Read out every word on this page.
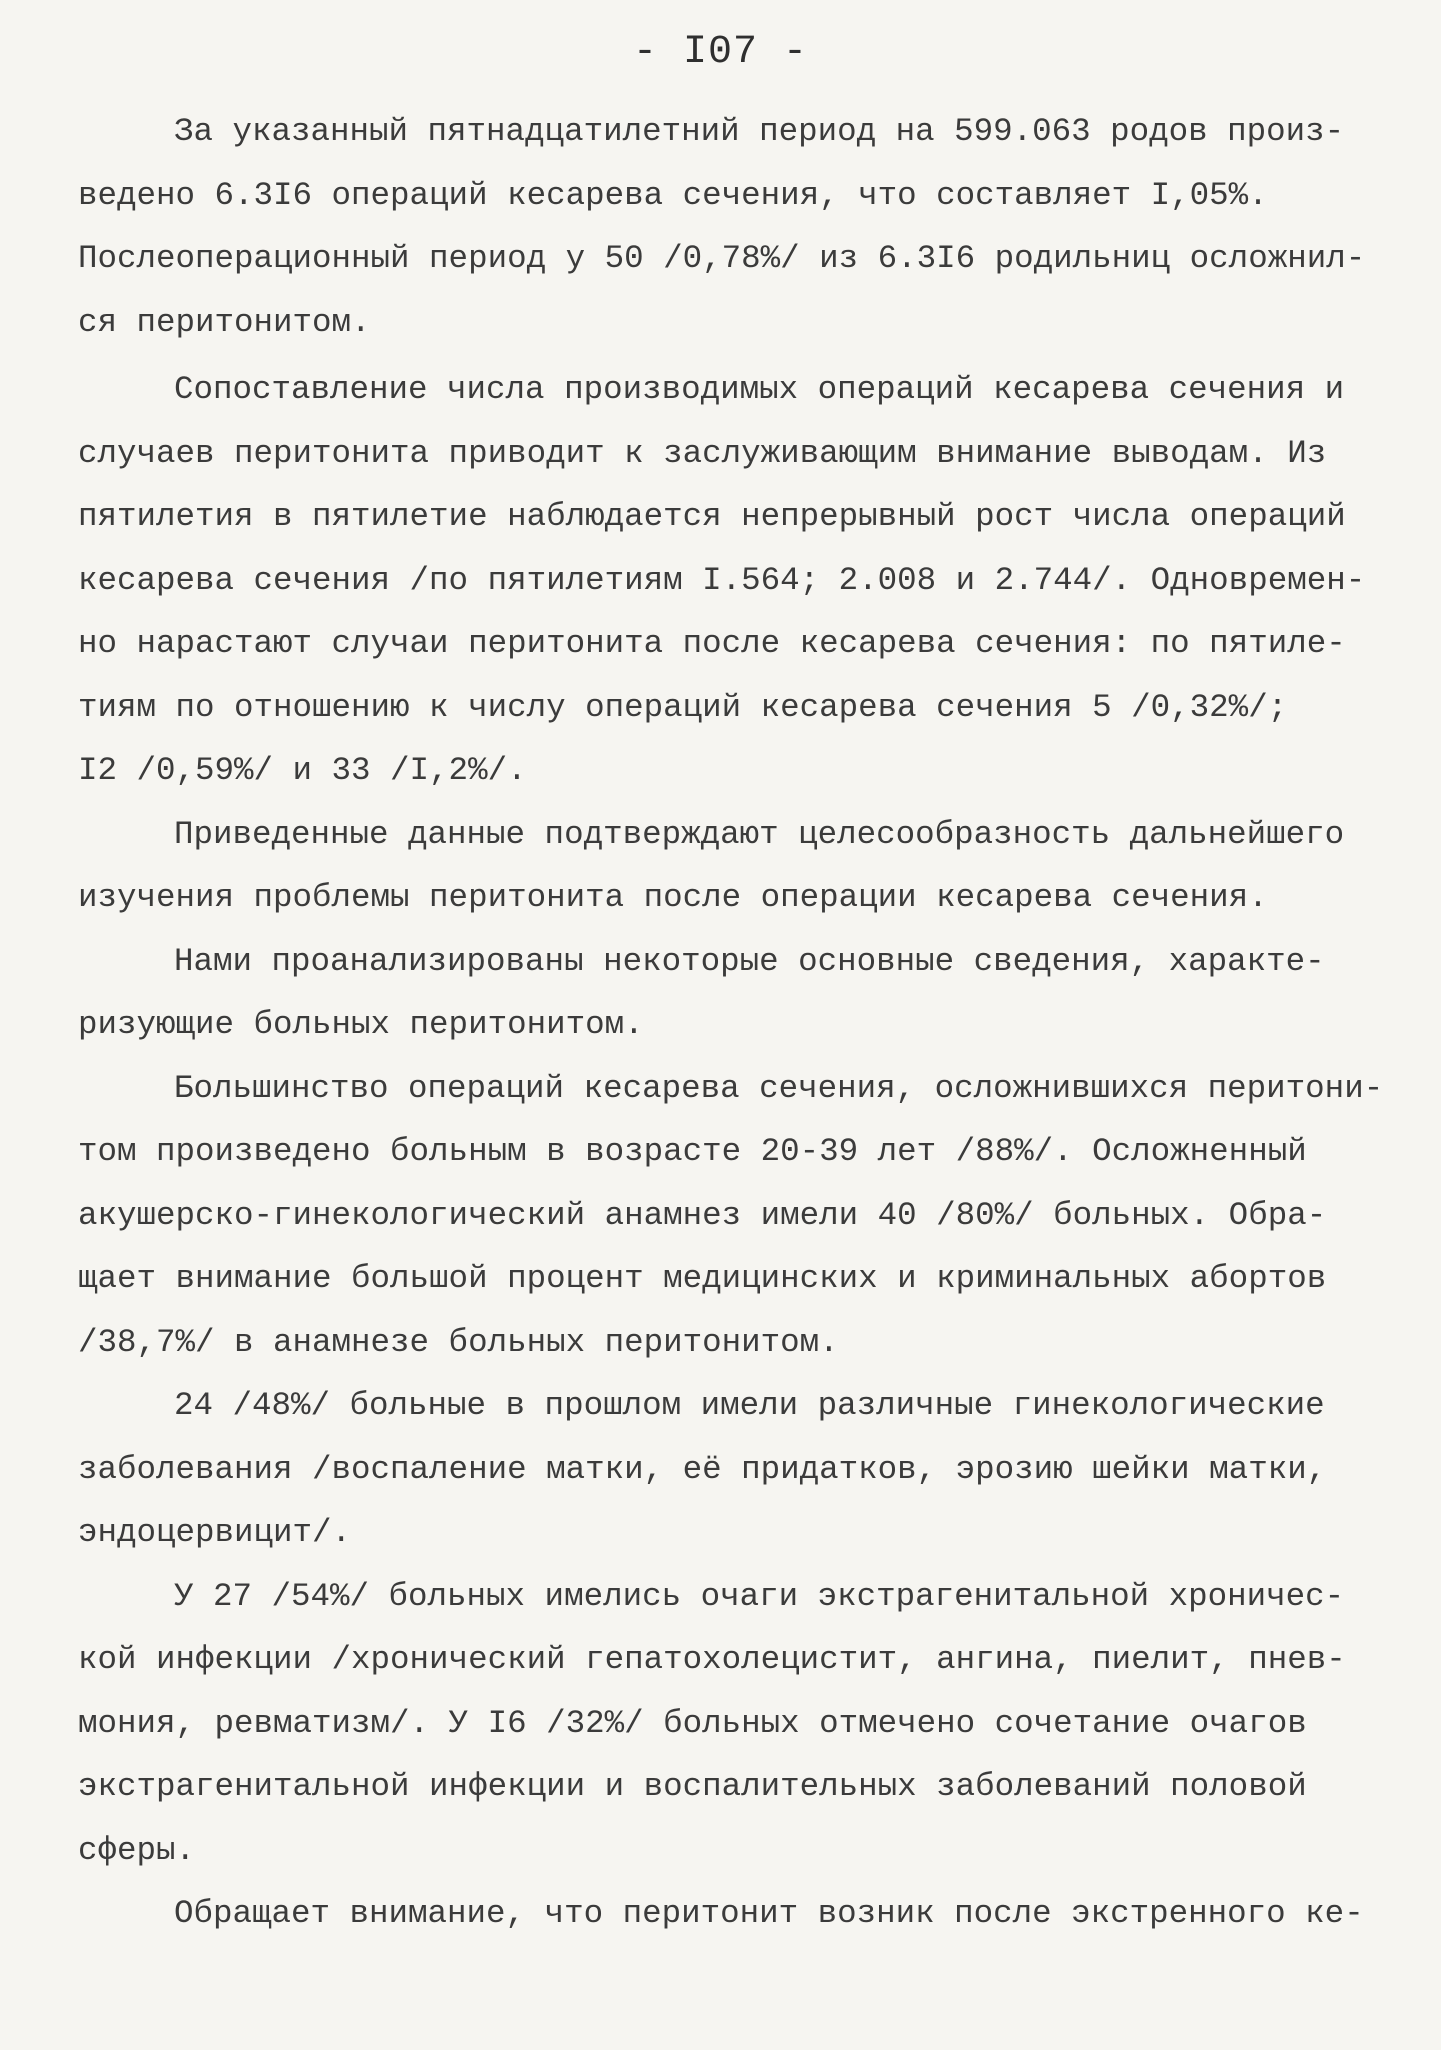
- I07 -
За указанный пятнадцатилетний период на 599.063 родов произ-
ведено 6.3I6 операций кесарева сечения, что составляет I,05%.
Послеоперационный период у 50 /0,78%/ из 6.3I6 родильниц осложнил-
ся перитонитом.
Сопоставление числа производимых операций кесарева сечения и
случаев перитонита приводит к заслуживающим внимание выводам. Из
пятилетия в пятилетие наблюдается непрерывный рост числа операций
кесарева сечения /по пятилетиям I.564; 2.008 и 2.744/. Одновремен-
но нарастают случаи перитонита после кесарева сечения: по пятиле-
тиям по отношению к числу операций кесарева сечения 5 /0,32%/;
I2 /0,59%/ и 33 /I,2%/.
Приведенные данные подтверждают целесообразность дальнейшего
изучения проблемы перитонита после операции кесарева сечения.
Нами проанализированы некоторые основные сведения, характе-
ризующие больных перитонитом.
Большинство операций кесарева сечения, осложнившихся перитони-
том произведено больным в возрасте 20-39 лет /88%/. Осложненный
акушерско-гинекологический анамнез имели 40 /80%/ больных. Обра-
щает внимание большой процент медицинских и криминальных абортов
/38,7%/ в анамнезе больных перитонитом.
24 /48%/ больные в прошлом имели различные гинекологические
заболевания /воспаление матки, её придатков, эрозию шейки матки,
эндоцервицит/.
У 27 /54%/ больных имелись очаги экстрагенитальной хроничес-
кой инфекции /хронический гепатохолецистит, ангина, пиелит, пнев-
мония, ревматизм/. У I6 /32%/ больных отмечено сочетание очагов
экстрагенитальной инфекции и воспалительных заболеваний половой
сферы.
Обращает внимание, что перитонит возник после экстренного ке-
